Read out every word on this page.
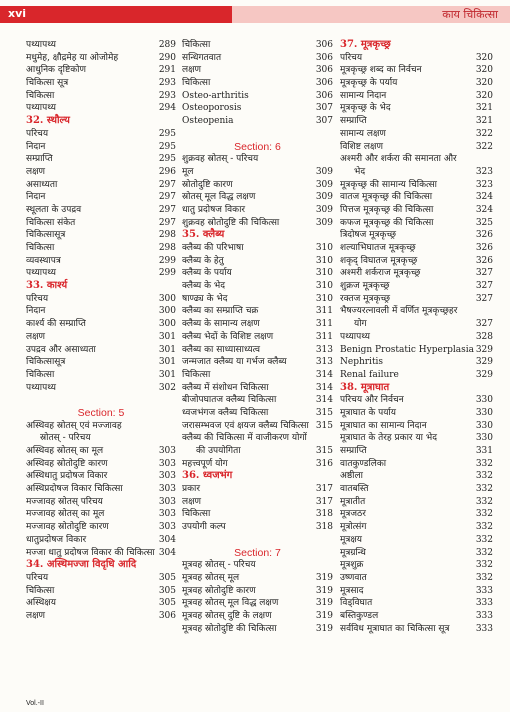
xvi	काय चिकित्सा
पथ्यापथ्य	289
मधुमेह, क्षौद्रमेह या ओजोमेह	290
आधुनिक दृष्टिकोण	291
चिकित्सा सूत्र	293
चिकित्सा	293
पथ्यापथ्य	294
32. स्थौल्य
परिचय	295
निदान	295
सम्प्राप्ति	295
लक्षण	296
असाध्यता	297
निदान	297
स्थूलता के उपद्रव	297
चिकित्सा संकेत	297
चिकित्सासूत्र	298
चिकित्सा	298
व्यवस्थापत्र	299
पथ्यापथ्य	299
33. कार्श्य
परिचय	300
निदान	300
कार्श्य की सम्प्राप्ति	300
लक्षण	301
उपद्रव और असाध्यता	301
चिकित्सासूत्र	301
चिकित्सा	301
पथ्यापथ्य	302
Section: 5
अस्थिवह स्रोतस् एवं मज्जावह
स्रोतस् - परिचय
अस्थिवह स्रोतस् का मूल	303
अस्थिवह स्रोतोदुष्टि कारण	303
अस्थिधातु प्रदोषज विकार	303
अस्थिप्रदोषज विकार चिकित्सा	303
मज्जावह स्रोतस् परिचय	303
मज्जावह स्रोतस् का मूल	303
मज्जावह स्रोतोदुष्टि कारण	303
धातुप्रदोषज विकार	304
मज्जा धातु प्रदोषज विकार की चिकित्सा 304
34. अस्थिमज्जा विदृधि आदि
परिचय	305
चिकित्सा	305
अस्थिक्षय	305
लक्षण	306
चिकित्सा	306
सन्धिगतवात	306
लक्षण	306
चिकित्सा	306
Osteo-arthritis	306
Osteoporosis	307
Osteopenia	307
Section: 6
शुक्रवह स्रोतस् - परिचय
मूल	309
स्रोतोदुष्टि कारण	309
स्रोतस् मूल विद्ध लक्षण	309
धातु प्रदोषज विकार	309
शुक्रवह स्रोतोदुष्टि की चिकित्सा	309
35. क्लैब्य
क्लैब्य की परिभाषा	310
क्लैब्य के हेतु	310
क्लैब्य के पर्याय	310
क्लैब्य के भेद	310
षाण्ढ्य के भेद	310
क्लैब्य का सम्प्राप्ति चक्र	311
क्लैब्य के सामान्य लक्षण	311
क्लैब्य भेदों के विशिष्ट लक्षण	311
क्लैब्य का साध्यासाध्यत्व	313
जन्मजात क्लैब्य या गर्भज क्लैब्य	313
चिकित्सा	314
क्लैब्य में संशोधन चिकित्सा	314
बीजोपघातज क्लैब्य चिकित्सा	314
ध्वजभंगज क्लैब्य चिकित्सा	315
जरासम्भवज एवं क्षयज क्लैब्य चिकित्सा 315
क्लैब्य की चिकित्सा में वाजीकरण योगों
की उपयोगिता	315
महत्त्वपूर्ण योग	316
36. ध्वजभंग
प्रकार	317
लक्षण	317
चिकित्सा	318
उपयोगी कल्प	318
Section: 7
मूत्रवह स्रोतस् - परिचय
मूत्रवह स्रोतस् मूल	319
मूत्रवह स्रोतोदुष्टि कारण	319
मूत्रवह स्रोतस् मूल विद्ध लक्षण	319
मूत्रवह स्रोतस् दुष्टि के लक्षण	319
मूत्रवह स्रोतोदुष्टि की चिकित्सा	319
37. मूत्रकृच्छ्र
परिचय	320
मूत्रकृच्छ्र शब्द का निर्वचन	320
मूत्रकृच्छ्र के पर्याय	320
सामान्य निदान	320
मूत्रकृच्छ्र के भेद	321
सम्प्राप्ति	321
सामान्य लक्षण	322
विशिष्ट लक्षण	322
अश्मरी और शर्करा की समानता और
भेद	323
मूत्रकृच्छ्र की सामान्य चिकित्सा	323
वातज मूत्रकृच्छ्र की चिकित्सा	324
पित्तज मूत्रकृच्छ्र की चिकित्सा	324
कफज मूत्रकृच्छ्र की चिकित्सा	325
त्रिदोषज मूत्रकृच्छ्र	326
शल्याभिघातज मूत्रकृच्छ्र	326
शकृद् विघातज मूत्रकृच्छ्र	326
अश्मरी शर्कराज मूत्रकृच्छ्र	327
शुक्रज मूत्रकृच्छ्र	327
रक्तज मूत्रकृच्छ्र	327
भैषज्यरत्नावली में वर्णित मूत्रकृच्छ्रहर
योग	327
पथ्यापथ्य	328
Benign Prostatic Hyperplasia 329
Nephritis	329
Renal failure	329
38. मूत्राघात
परिचय और निर्वचन	330
मूत्राघात के पर्याय	330
मूत्राघात का सामान्य निदान	330
मूत्राघात के तेरह प्रकार या भेद	330
सम्प्राप्ति	331
वातकुण्डलिका	332
अष्ठीला	332
वातबस्ति	332
मूत्रातीत	332
मूत्रजठर	332
मूत्रोत्संग	332
मूत्रक्षय	332
मूत्रग्रन्थि	332
मूत्रशुक्र	332
उष्णवात	332
मूत्रसाद	333
विड्विघात	333
बस्तिकुण्डल	333
सर्वविध मूत्राघात का चिकित्सा सूत्र	333
Vol.-II
